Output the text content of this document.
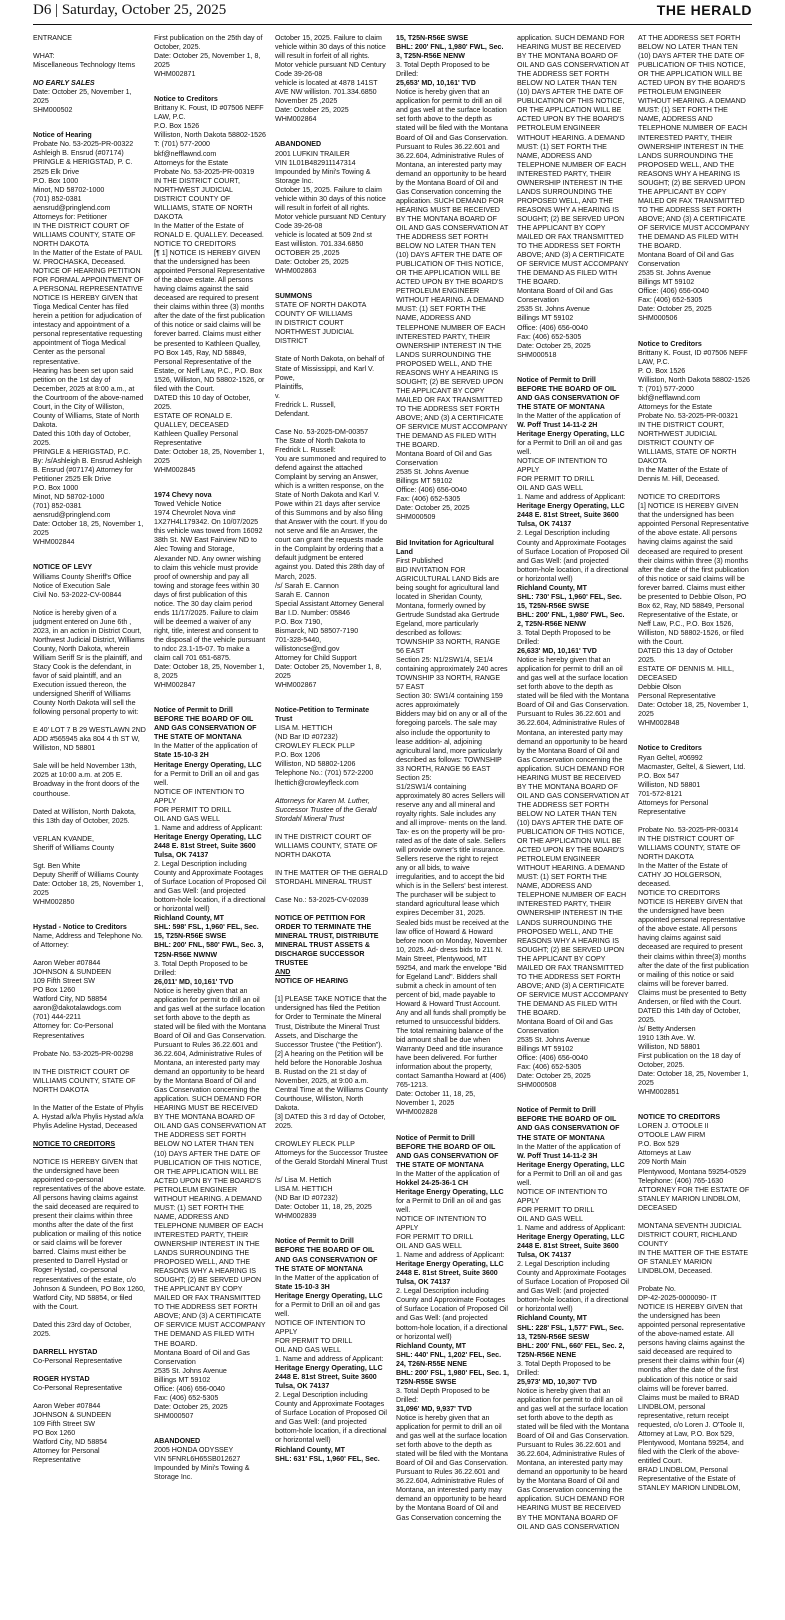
D6 | Saturday, October 25, 2025	THE HERALD

ENTRANCE

WHAT:
Miscellaneous Technology Items

NO EARLY SALES

Date: October 25, November 1, 2025
SHM000502

Notice of Hearing

Probate No. 53-2025-PR-00322
Ashleigh B. Ensrud (#07174)
PRINGLE & HERIGSTAD, P. C.
2525 Elk Drive
P.O. Box 1000
Minot, ND 58702-1000
(701) 852-0381
aensrud@pringlend.com
Attorneys for: Petitioner
IN THE DISTRICT COURT OF WILLIAMS COUNTY, STATE OF NORTH DAKOTA
In the Matter of the Estate of PAUL W. PROCHASKA, Deceased.
NOTICE OF HEARING PETITION FOR FORMAL APPOINTMENT OF A PERSONAL REPRESENTATIVE
NOTICE IS HEREBY GIVEN that Tioga Medical Center has filed herein a petition for adjudication of intestacy and appointment of a personal representative requesting appointment of Tioga Medical Center as the personal representative.
Hearing has been set upon said petition on the 1st day of December, 2025 at 8:00 a.m., at the Courtroom of the above-named Court, in the City of Williston, County of Williams, State of North Dakota.
Dated this 10th day of October, 2025.
PRINGLE & HERIGSTAD, P.C.
By: /s/Ashleigh B. Ensrud Ashleigh B. Ensrud (#07174) Attorney for Petitioner 2525 Elk Drive
P.O. Box 1000
Minot, ND 58702-1000
(701) 852-0381
aensrud@pringlend.com
Date: October 18, 25, November 1, 2025
WHM002844

NOTICE OF LEVY

Williams County Sheriff's Office Notice of Execution Sale
Civil No. 53-2022-CV-00844

Notice is hereby given of a judgment entered on June 6th , 2023, in an action in District Court, Northwest Judicial District, Williams County, North Dakota, wherein William Seriff Sr is the plaintiff, and Stacy Cook is the defendant, in favor of said plaintiff, and an Execution issued thereon, the undersigned Sheriff of Williams County North Dakota will sell the following personal property to wit:

E 40' LOT 7 B 29 WESTLAWN 2ND ADD #565945 aka 804 4 th ST W, Williston, ND 58801

Sale will be held November 13th, 2025 at 10:00 a.m. at 205 E. Broadway in the front doors of the courthouse.

Dated at Williston, North Dakota, this 13th day of October, 2025.

VERLAN KVANDE,
Sheriff of Williams County

Sgt. Ben White
Deputy Sheriff of Williams County
Date: October 18, 25, November 1, 2025
WHM002850

Hystad - Notice to Creditors

Name, Address and Telephone No. of Attorney:

Aaron Weber #07844
JOHNSON & SUNDEEN
109 Fifth Street SW
PO Box 1260
Watford City, ND 58854
aaron@dakotalawdogs.com
(701) 444-2211
Attorney for: Co-Personal Representatives

Probate No. 53-2025-PR-00298

IN THE DISTRICT COURT OF WILLIAMS COUNTY, STATE OF NORTH DAKOTA

In the Matter of the Estate of Phylis A. Hystad a/k/a Phylis Hystad a/k/a Phylis Adeline Hystad, Deceased

NOTICE TO CREDITORS

NOTICE IS HEREBY GIVEN that the undersigned have been appointed co-personal representatives of the above estate. All persons having claims against the said deceased are required to present their claims within three months after the date of the first publication or mailing of this notice or said claims will be forever barred. Claims must either be presented to Darrell Hystad or Roger Hystad, co-personal representatives of the estate, c/o Johnson & Sundeen, PO Box 1260, Watford City, ND 58854, or filed with the Court.

Dated this 23rd day of October, 2025.

DARRELL HYSTAD

Co-Personal Representative

ROGER HYSTAD

Co-Personal Representative

Aaron Weber #07844
JOHNSON & SUNDEEN
109 Fifth Street SW
PO Box 1260
Watford City, ND 58854
Attorney for Personal Representative

First publication on the 25th day of October, 2025.
Date: October 25, November 1, 8, 2025
WHM002871

Notice to Creditors

Brittany K. Foust, ID #07506 NEFF LAW, P.C.
P.O. Box 1526
Williston, North Dakota 58802-1526
T: (701) 577-2000
bkf@nefflawnd.com
Attorneys for the Estate
Probate No. 53-2025-PR-00319
IN THE DISTRICT COURT, NORTHWEST JUDICIAL DISTRICT COUNTY OF WILLIAMS, STATE OF NORTH DAKOTA
In the Matter of the Estate of RONALD E. QUALLEY. Deceased.
NOTICE TO CREDITORS
[¶ 1] NOTICE IS HEREBY GIVEN that the undersigned has been appointed Personal Representative of the above estate. All persons having claims against the said deceased are required to present their claims within three (3) months after the date of the first publication of this notice or said claims will be forever barred. Claims must either be presented to Kathleen Qualley, PO Box 145, Ray, ND 58849, Personal Representative of the Estate, or Neff Law, P.C., P.O. Box 1526, Williston, ND 58802-1526, or filed with the Court.
DATED this 10 day of October, 2025.
ESTATE OF RONALD E. QUALLEY, DECEASED
Kathleen Qualley Personal Representative
Date: October 18, 25, November 1, 2025
WHM002845

1974 Chevy nova

Towed Vehicle Notice
1974 Chevrolet Nova vin# 1X27H4L179342. On 10/07/2025 this vehicle was towed from 16092 38th St. NW East Fairview ND to Alec Towing and Storage, Alexander ND. Any owner wishing to claim this vehicle must provide proof of ownership and pay all towing and storage fees within 30 days of first publication of this notice. The 30 day claim period ends 11/17/2025. Failure to claim will be deemed a waiver of any right, title, interest and consent to the disposal of the vehicle pursuant to ndcc 23.1-15-07. To make a claim call 701 651-6875.
Date: October 18, 25, November 1, 8, 2025
WHM002847

Notice of Permit to Drill
BEFORE THE BOARD OF OIL AND GAS CONSERVATION OF THE STATE OF MONTANA

In the Matter of the application of

State 15-10-3 2H
Heritage Energy Operating, LLC

for a Permit to Drill an oil and gas well.
NOTICE OF INTENTION TO APPLY
FOR PERMIT TO DRILL
OIL AND GAS WELL
1. Name and address of Applicant:

Heritage Energy Operating, LLC
2448 E. 81st Street, Suite 3600
Tulsa, OK 74137

2. Legal Description including County and Approximate Footages of Surface Location of Proposed Oil and Gas Well: (and projected bottom-hole location, if a directional or horizontal well)

Richland County, MT
SHL: 598' FSL, 1,960' FEL, Sec. 15, T25N-R56E SWSE
BHL: 200' FNL, 580' FWL, Sec. 3, T25N-R56E NWNW

3. Total Depth Proposed to be Drilled:

26,011' MD, 10,161' TVD

Notice is hereby given that an application for permit to drill an oil and gas well at the surface location set forth above to the depth as stated will be filed with the Montana Board of Oil and Gas Conservation. Pursuant to Rules 36.22.601 and 36.22.604, Administrative Rules of Montana, an interested party may demand an opportunity to be heard by the Montana Board of Oil and Gas Conservation concerning the application. SUCH DEMAND FOR HEARING MUST BE RECEIVED BY THE MONTANA BOARD OF OIL AND GAS CONSERVATION AT THE ADDRESS SET FORTH BELOW NO LATER THAN TEN (10) DAYS AFTER THE DATE OF PUBLICATION OF THIS NOTICE, OR THE APPLICATION WILL BE ACTED UPON BY THE BOARD'S PETROLEUM ENGINEER WITHOUT HEARING. A DEMAND MUST: (1) SET FORTH THE NAME, ADDRESS AND TELEPHONE NUMBER OF EACH INTERESTED PARTY, THEIR OWNERSHIP INTEREST IN THE LANDS SURROUNDING THE PROPOSED WELL, AND THE REASONS WHY A HEARING IS SOUGHT; (2) BE SERVED UPON THE APPLICANT BY COPY MAILED OR FAX TRANSMITTED TO THE ADDRESS SET FORTH ABOVE; AND (3) A CERTIFICATE OF SERVICE MUST ACCOMPANY THE DEMAND AS FILED WITH THE BOARD.
Montana Board of Oil and Gas Conservation
2535 St. Johns Avenue
Billings MT 59102
Office: (406) 656-0040
Fax: (406) 652-5305
Date: October 25, 2025
SHM000507

ABANDONED

2005 HONDA ODYSSEY
VIN 5FNRL6H65SB012627
Impounded by Mini's Towing & Storage Inc.

October 15, 2025. Failure to claim vehicle within 30 days of this notice will result in forfeit of all rights.
Motor vehicle pursuant ND Century Code 39-26-08
vehicle is located at 4878 141ST AVE NW williston. 701.334.6850
November 25 ,2025
Date: October 25, 2025
WHM002864

ABANDONED

2001 LUFKIN TRAILER
VIN 1L01B482911147314
Impounded by Mini's Towing & Storage Inc.
October 15, 2025. Failure to claim vehicle within 30 days of this notice will result in forfeit of all rights.
Motor vehicle pursuant ND Century Code 39-26-08
vehicle is located at 509 2nd st East williston. 701.334.6850
OCTOBER 25 ,2025
Date: October 25, 2025
WHM002863

SUMMONS

STATE OF NORTH DAKOTA
COUNTY OF WILLIAMS
IN DISTRICT COURT
NORTHWEST JUDICIAL DISTRICT

State of North Dakota, on behalf of State of Mississippi, and Karl V. Powe,
Plaintiffs,
v.
Fredrick L. Russell,
Defendant.

Case No. 53-2025-DM-00357
The State of North Dakota to Fredrick L. Russell:
You are summoned and required to defend against the attached Complaint by serving an Answer, which is a written response, on the State of North Dakota and Karl V. Powe within 21 days after service of this Summons and by also filing that Answer with the court. If you do not serve and file an Answer, the court can grant the requests made in the Complaint by ordering that a default judgment be entered against you. Dated this 28th day of March, 2025.
/s/ Sarah E. Cannon
Sarah E. Cannon
Special Assistant Attorney General
Bar I.D. Number: 05846
P.O. Box 7190,
Bismarck, ND 58507-7190
701-328-5440,
willistoncse@nd.gov
Attorney for Child Support
Date: October 25, November 1, 8, 2025
WHM002867

Notice-Petition to Terminate Trust

LISA M. HETTICH
(ND Bar ID #07232)
CROWLEY FLECK PLLP
P.O. Box 1206
Williston, ND 58802-1206
Telephone No.: (701) 572-2200
lhettich@crowleyfleck.com

Attorneys for Karen M. Luther, Successor Trustee of the Gerald Stordahl Mineral Trust

IN THE DISTRICT COURT OF WILLIAMS COUNTY, STATE OF NORTH DAKOTA

IN THE MATTER OF THE GERALD STORDAHL MINERAL TRUST

Case No.: 53-2025-CV-02039

NOTICE OF PETITION FOR ORDER TO TERMINATE THE MINERAL TRUST, DISTRIBUTE MINERAL TRUST ASSETS & DISCHARGE SUCCESSOR TRUSTEE

AND

NOTICE OF HEARING

[1] PLEASE TAKE NOTICE that the undersigned has filed the Petition for Order to Terminate the Mineral Trust, Distribute the Mineral Trust Assets, and Discharge the Successor Trustee (“the Petition”).
[2] A hearing on the Petition will be held before the Honorable Joshua B. Rustad on the 21 st day of November, 2025, at 9:00 a.m. Central Time at the Williams County Courthouse, Williston, North Dakota.
[3] DATED this 3 rd day of October, 2025.

CROWLEY FLECK PLLP
Attorneys for the Successor Trustee of the Gerald Stordahl Mineral Trust

/s/ Lisa M. Hettich
LISA M. HETTICH
(ND Bar ID #07232)
Date: October 11, 18, 25, 2025
WHM002839

Notice of Permit to Drill
BEFORE THE BOARD OF OIL AND GAS CONSERVATION OF THE STATE OF MONTANA

In the Matter of the application of

State 15-10-3 3H
Heritage Energy Operating, LLC

for a Permit to Drill an oil and gas well.
NOTICE OF INTENTION TO APPLY
FOR PERMIT TO DRILL
OIL AND GAS WELL
1. Name and address of Applicant:

Heritage Energy Operating, LLC
2448 E. 81st Street, Suite 3600
Tulsa, OK 74137

2. Legal Description including County and Approximate Footages of Surface Location of Proposed Oil and Gas Well: (and projected bottom-hole location, if a directional or horizontal well)

Richland County, MT
SHL: 631' FSL, 1,960' FEL, Sec.

15, T25N-R56E SWSE
BHL: 200' FNL, 1,980' FWL, Sec. 3, T25N-R56E NENW

3. Total Depth Proposed to be Drilled:

25,653' MD, 10,161' TVD

Notice is hereby given that an application for permit to drill an oil and gas well at the surface location set forth above to the depth as stated will be filed with the Montana Board of Oil and Gas Conservation. Pursuant to Rules 36.22.601 and 36.22.604, Administrative Rules of Montana, an interested party may demand an opportunity to be heard by the Montana Board of Oil and Gas Conservation concerning the application. SUCH DEMAND FOR HEARING MUST BE RECEIVED BY THE MONTANA BOARD OF OIL AND GAS CONSERVATION AT THE ADDRESS SET FORTH BELOW NO LATER THAN TEN (10) DAYS AFTER THE DATE OF PUBLICATION OF THIS NOTICE, OR THE APPLICATION WILL BE ACTED UPON BY THE BOARD'S PETROLEUM ENGINEER WITHOUT HEARING. A DEMAND MUST: (1) SET FORTH THE NAME, ADDRESS AND TELEPHONE NUMBER OF EACH INTERESTED PARTY, THEIR OWNERSHIP INTEREST IN THE LANDS SURROUNDING THE PROPOSED WELL, AND THE REASONS WHY A HEARING IS SOUGHT; (2) BE SERVED UPON THE APPLICANT BY COPY MAILED OR FAX TRANSMITTED TO THE ADDRESS SET FORTH ABOVE; AND (3) A CERTIFICATE OF SERVICE MUST ACCOMPANY THE DEMAND AS FILED WITH THE BOARD.
Montana Board of Oil and Gas Conservation
2535 St. Johns Avenue
Billings MT 59102
Office: (406) 656-0040
Fax: (406) 652-5305
Date: October 25, 2025
SHM000509

Bid Invitation for Agricultural Land

First Published
BID INVITATION FOR AGRICULTURAL LAND Bids are being sought for agricultural land located in Sheridan County, Montana, formerly owned by Gertrude Sundstad aka Gertrude Egeland, more particularly described as follows:
TOWNSHIP 33 NORTH, RANGE 56 EAST
Section 25: N1/2SW1/4, SE1/4 containing approximately 240 acres TOWNSHIP 33 NORTH, RANGE 57 EAST
Section 30: SW1/4 containing 159 acres approximately
Bidders may bid on any or all of the foregoing parcels. The sale may also include the opportunity to lease addition- al, adjoining agricultural land, more particularly described as follows: TOWNSHIP 33 NORTH, RANGE 56 EAST Section 25:
S1/2SW1/4 containing approximately 80 acres Sellers will reserve any and all mineral and royalty rights. Sale includes any and all improve- ments on the land. Tax- es on the property will be pro-rated as of the date of sale. Sellers will provide owner's title insurance. Sellers reserve the right to reject any or all bids, to waive irregularities, and to accept the bid which is in the Sellers' best interest. The purchaser will be subject to standard agricultural lease which expires December 31, 2025. Sealed bids must be received at the law office of Howard & Howard before noon on Monday, November 10, 2025. Ad- dress bids to 211 N. Main Street, Plentywood, MT 59254, and mark the envelope "Bid for Egeland Land". Bidders shall submit a check in amount of ten percent of bid, made payable to Howard & Howard Trust Account. Any and all funds shall promptly be returned to unsuccessful bidders. The total remaining balance of the bid amount shall be due when Warranty Deed and title insurance have been delivered. For further information about the property, contact Samantha Howard at (406) 765-1213.
Date: October 11, 18, 25, November 1, 2025
WHM002828

Notice of Permit to Drill
BEFORE THE BOARD OF OIL AND GAS CONSERVATION OF THE STATE OF MONTANA

In the Matter of the application of

Hokkel 24-25-36-1 CH
Heritage Energy Operating, LLC

for a Permit to Drill an oil and gas well.
NOTICE OF INTENTION TO APPLY
FOR PERMIT TO DRILL
OIL AND GAS WELL
1. Name and address of Applicant:

Heritage Energy Operating, LLC
2448 E. 81st Street, Suite 3600
Tulsa, OK 74137

2. Legal Description including County and Approximate Footages of Surface Location of Proposed Oil and Gas Well: (and projected bottom-hole location, if a directional or horizontal well)

Richland County, MT
SHL: 440' FNL, 1,202' FEL, Sec. 24, T26N-R55E NENE
BHL: 200' FSL, 1,980' FEL, Sec. 1, T25N-R55E SWSE

3. Total Depth Proposed to be Drilled:

31,096' MD, 9,937' TVD

Notice is hereby given that an application for permit to drill an oil and gas well at the surface location set forth above to the depth as stated will be filed with the Montana Board of Oil and Gas Conservation. Pursuant to Rules 36.22.601 and 36.22.604, Administrative Rules of Montana, an interested party may demand an opportunity to be heard by the Montana Board of Oil and Gas Conservation concerning the

application. SUCH DEMAND FOR HEARING MUST BE RECEIVED BY THE MONTANA BOARD OF OIL AND GAS CONSERVATION AT THE ADDRESS SET FORTH BELOW NO LATER THAN TEN (10) DAYS AFTER THE DATE OF PUBLICATION OF THIS NOTICE, OR THE APPLICATION WILL BE ACTED UPON BY THE BOARD'S PETROLEUM ENGINEER WITHOUT HEARING. A DEMAND MUST: (1) SET FORTH THE NAME, ADDRESS AND TELEPHONE NUMBER OF EACH INTERESTED PARTY, THEIR OWNERSHIP INTEREST IN THE LANDS SURROUNDING THE PROPOSED WELL, AND THE REASONS WHY A HEARING IS SOUGHT; (2) BE SERVED UPON THE APPLICANT BY COPY MAILED OR FAX TRANSMITTED TO THE ADDRESS SET FORTH ABOVE; AND (3) A CERTIFICATE OF SERVICE MUST ACCOMPANY THE DEMAND AS FILED WITH THE BOARD.
Montana Board of Oil and Gas Conservation
2535 St. Johns Avenue
Billings MT 59102
Office: (406) 656-0040
Fax: (406) 652-5305
Date: October 25, 2025
SHM000518

Notice of Permit to Drill
BEFORE THE BOARD OF OIL AND GAS CONSERVATION OF THE STATE OF MONTANA

In the Matter of the application of

W. Poff Trust 14-11-2 2H
Heritage Energy Operating, LLC

for a Permit to Drill an oil and gas well.
NOTICE OF INTENTION TO APPLY
FOR PERMIT TO DRILL
OIL AND GAS WELL
1. Name and address of Applicant:

Heritage Energy Operating, LLC
2448 E. 81st Street, Suite 3600
Tulsa, OK 74137

2. Legal Description including County and Approximate Footages of Surface Location of Proposed Oil and Gas Well: (and projected bottom-hole location, if a directional or horizontal well)

Richland County, MT
SHL: 730' FSL, 1,960' FEL, Sec. 15, T25N-R56E SWSE
BHL: 200' FNL, 1,980' FWL, Sec. 2, T25N-R56E NENW

3. Total Depth Proposed to be Drilled:

26,633' MD, 10,161' TVD

Notice is hereby given that an application for permit to drill an oil and gas well at the surface location set forth above to the depth as stated will be filed with the Montana Board of Oil and Gas Conservation. Pursuant to Rules 36.22.601 and 36.22.604, Administrative Rules of Montana, an interested party may demand an opportunity to be heard by the Montana Board of Oil and Gas Conservation concerning the application. SUCH DEMAND FOR HEARING MUST BE RECEIVED BY THE MONTANA BOARD OF OIL AND GAS CONSERVATION AT THE ADDRESS SET FORTH BELOW NO LATER THAN TEN (10) DAYS AFTER THE DATE OF PUBLICATION OF THIS NOTICE, OR THE APPLICATION WILL BE ACTED UPON BY THE BOARD'S PETROLEUM ENGINEER WITHOUT HEARING. A DEMAND MUST: (1) SET FORTH THE NAME, ADDRESS AND TELEPHONE NUMBER OF EACH INTERESTED PARTY, THEIR OWNERSHIP INTEREST IN THE LANDS SURROUNDING THE PROPOSED WELL, AND THE REASONS WHY A HEARING IS SOUGHT; (2) BE SERVED UPON THE APPLICANT BY COPY MAILED OR FAX TRANSMITTED TO THE ADDRESS SET FORTH ABOVE; AND (3) A CERTIFICATE OF SERVICE MUST ACCOMPANY THE DEMAND AS FILED WITH THE BOARD.
Montana Board of Oil and Gas Conservation
2535 St. Johns Avenue
Billings MT 59102
Office: (406) 656-0040
Fax: (406) 652-5305
Date: October 25, 2025
SHM000508

Notice of Permit to Drill
BEFORE THE BOARD OF OIL AND GAS CONSERVATION OF THE STATE OF MONTANA

In the Matter of the application of

W. Poff Trust 14-11-2 3H
Heritage Energy Operating, LLC

for a Permit to Drill an oil and gas well.
NOTICE OF INTENTION TO APPLY
FOR PERMIT TO DRILL
OIL AND GAS WELL
1. Name and address of Applicant:

Heritage Energy Operating, LLC
2448 E. 81st Street, Suite 3600
Tulsa, OK 74137

2. Legal Description including County and Approximate Footages of Surface Location of Proposed Oil and Gas Well: (and projected bottom-hole location, if a directional or horizontal well)

Richland County, MT
SHL: 228' FSL, 1,577' FWL, Sec. 13, T25N-R56E SESW
BHL: 200' FNL, 660' FEL, Sec. 2, T25N-R56E NENE

3. Total Depth Proposed to be Drilled:

25,973' MD, 10,307' TVD

Notice is hereby given that an application for permit to drill an oil and gas well at the surface location set forth above to the depth as stated will be filed with the Montana Board of Oil and Gas Conservation. Pursuant to Rules 36.22.601 and 36.22.604, Administrative Rules of Montana, an interested party may demand an opportunity to be heard by the Montana Board of Oil and Gas Conservation concerning the application. SUCH DEMAND FOR HEARING MUST BE RECEIVED BY THE MONTANA BOARD OF OIL AND GAS CONSERVATION

AT THE ADDRESS SET FORTH BELOW NO LATER THAN TEN (10) DAYS AFTER THE DATE OF PUBLICATION OF THIS NOTICE, OR THE APPLICATION WILL BE ACTED UPON BY THE BOARD'S PETROLEUM ENGINEER WITHOUT HEARING. A DEMAND MUST: (1) SET FORTH THE NAME, ADDRESS AND TELEPHONE NUMBER OF EACH INTERESTED PARTY, THEIR OWNERSHIP INTEREST IN THE LANDS SURROUNDING THE PROPOSED WELL, AND THE REASONS WHY A HEARING IS SOUGHT; (2) BE SERVED UPON THE APPLICANT BY COPY MAILED OR FAX TRANSMITTED TO THE ADDRESS SET FORTH ABOVE; AND (3) A CERTIFICATE OF SERVICE MUST ACCOMPANY THE DEMAND AS FILED WITH THE BOARD.
Montana Board of Oil and Gas Conservation
2535 St. Johns Avenue
Billings MT 59102
Office: (406) 656-0040
Fax: (406) 652-5305
Date: October 25, 2025
SHM000506

Notice to Creditors

Brittany K. Foust, ID #07506 NEFF LAW, P.C.
P. O. Box 1526
Williston, North Dakota 58802-1526
T: (701) 577-2000
bkf@nefflawnd.com
Attorneys for the Estate
Probate No. 53-2025-PR-00321
IN THE DISTRICT COURT, NORTHWEST JUDICIAL DISTRICT COUNTY OF WILLIAMS, STATE OF NORTH DAKOTA
In the Matter of the Estate of Dennis M. Hill, Deceased.

NOTICE TO CREDITORS
[1] NOTICE IS HEREBY GIVEN that the undersigned has been appointed Personal Representative of the above estate. All persons having claims against the said deceased are required to present their claims within three (3) months after the date of the first publication of this notice or said claims will be forever barred. Claims must either be presented to Debbie Olson, PO Box 62, Ray, ND 58849, Personal Representative of the Estate, or Neff Law, P.C., P.O. Box 1526, Williston, ND 58802-1526, or filed with the Court.
DATED this 13 day of October 2025.
ESTATE OF DENNIS M. HILL, DECEASED
Debbie Olson
Personal Representative
Date: October 18, 25, November 1, 2025
WHM002848

Notice to Creditors

Ryan Geltel, #06992
Macmaster, Geltel, & Siewert, Ltd.
P.O. Box 547
Williston, ND 58801
701-572-8121
Attorneys for Personal Representative

Probate No. 53-2025-PR-00314
IN THE DISTRICT COURT OF WILLIAMS COUNTY, STATE OF NORTH DAKOTA
In the Matter of the Estate of CATHY JO HOLGERSON, deceased.
NOTICE TO CREDITORS
NOTICE IS HEREBY GIVEN that the undersigned have been appointed personal representative of the above estate. All persons having claims against said deceased are required to present their claims within three(3) months after the date of the first publication or mailing of this notice or said claims will be forever barred. Claims must be presented to Betty Andersen, or filed with the Court.
DATED this 14th day of October, 2025.
/s/ Betty Andersen
1910 13th Ave. W.
Williston, ND 58801
First publication on the 18 day of October, 2025.
Date: October 18, 25, November 1, 2025
WHM002851

NOTICE TO CREDITORS

LOREN J. O'TOOLE II
O'TOOLE LAW FIRM
P.O. Box 529
Attorneys at Law
209 North Main
Plentywood, Montana 59254-0529
Telephone: (406) 765-1630
ATTORNEY FOR THE ESTATE OF STANLEY MARION LINDBLOM, DECEASED

MONTANA SEVENTH JUDICIAL DISTRICT COURT, RICHLAND COUNTY
IN THE MATTER OF THE ESTATE OF STANLEY MARION LINDBLOM, Deceased.

Probate No.
DP-42-2025-0000090- IT
NOTICE IS HEREBY GIVEN that the undersigned has been appointed personal representative of the above-named estate. All persons having claims against the said deceased are required to present their claims within four (4) months after the date of the first publication of this notice or said claims will be forever barred. Claims must be mailed to BRAD LINDBLOM, personal representative, return receipt requested, c/o Loren J. O'Toole II, Attorney at Law, P.O. Box 529, Plentywood, Montana 59254, and filed with the Clerk of the above-entitled Court.
BRAD LINDBLOM, Personal Representative of the Estate of STANLEY MARION LINDBLOM,
